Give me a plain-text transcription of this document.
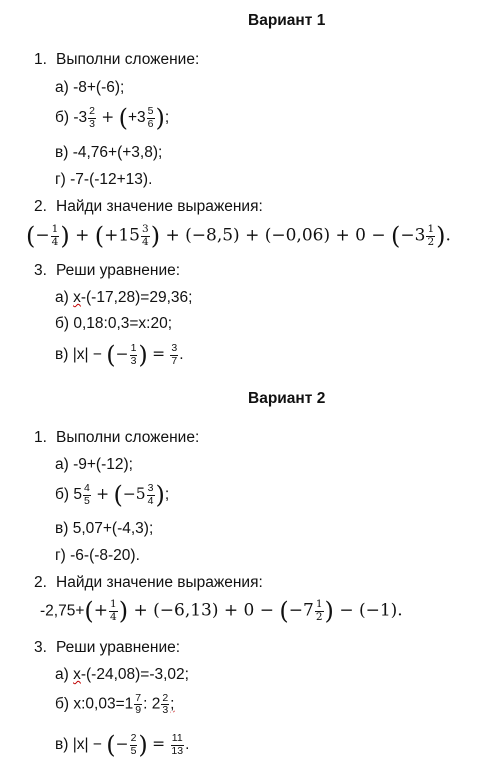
Вариант 1
1. Выполни сложение:
а) -8+(-6);
б) $-3 \frac{2}{3} + (+3 \frac{5}{6}$ );
в) -4,76+(+3,8);
г) -7-(-12+13).
2. Найди значение выражения:
(− $\frac{1}{4}$ ) + ($+15 \frac{3}{4}$ ) + $(-8,5) + (-0,06) + 0 - (-3 \frac{1}{2}$ ).
3. Реши уравнение:
а) х-(-17,28)=29,36;
б) 0,18:0,3=х:20;
в) |x| − (− $\frac{1}{3}$ ) = $\frac{3}{7}$ .
Вариант 2
1. Выполни сложение:
а) -9+(-12);
б) $5 \frac{4}{5} + (-5 \frac{3}{4}$ );
в) 5,07+(-4,3);
г) -6-(-8-20).
2. Найди значение выражения:
$-2,75+(+ \frac{1}{4}$ ) + $(-6,13) + 0 - (-7 \frac{1}{2}$ ) − (−1).
3. Реши уравнение:
а) х-(-24,08)=-3,02;
б) х:0,03=1 $\frac{7}{9}$ : $2 \frac{2}{3}$ ;
в) |x| − (− $\frac{2}{5}$ ) = $\frac{11}{13}$ .
